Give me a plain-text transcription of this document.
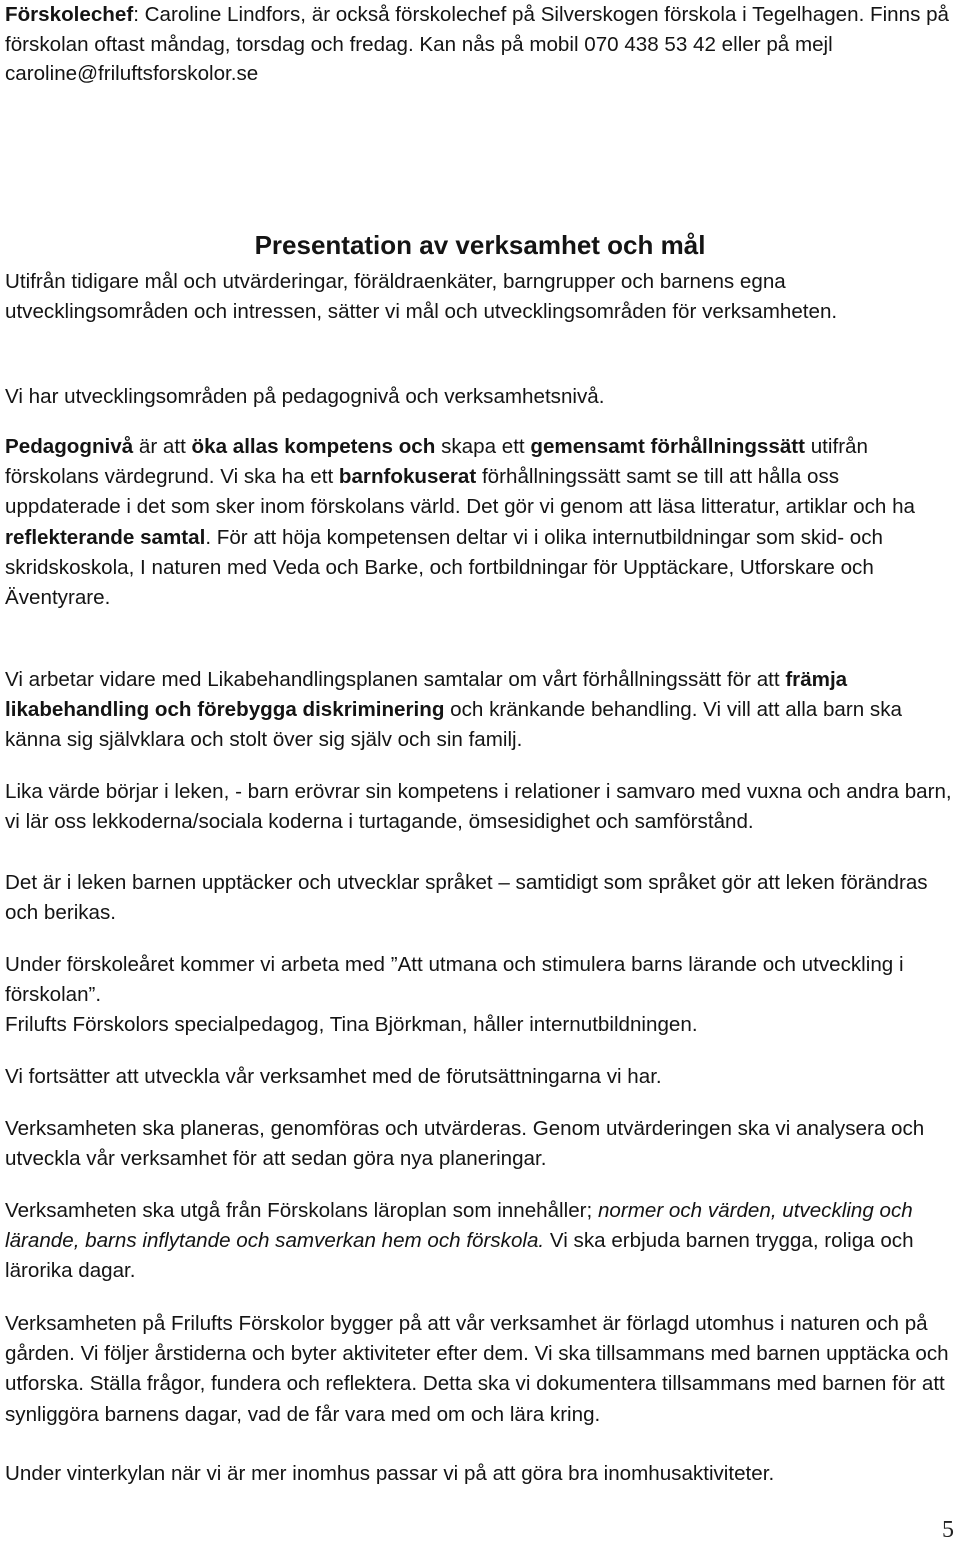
Förskolechef: Caroline Lindfors, är också förskolechef på Silverskogen förskola i Tegelhagen. Finns på förskolan oftast måndag, torsdag och fredag. Kan nås på mobil 070 438 53 42 eller på mejl caroline@friluftsforskolor.se

Presentation av verksamhet och mål

Utifrån tidigare mål och utvärderingar, föräldraenkäter, barngrupper och barnens egna utvecklingsområden och intressen, sätter vi mål och utvecklingsområden för verksamheten.

Vi har utvecklingsområden på pedagognivå och verksamhetsnivå.

Pedagognivå är att öka allas kompetens och skapa ett gemensamt förhållningssätt utifrån förskolans värdegrund. Vi ska ha ett barnfokuserat förhållningssätt samt se till att hålla oss uppdaterade i det som sker inom förskolans värld. Det gör vi genom att läsa litteratur, artiklar och ha reflekterande samtal. För att höja kompetensen deltar vi i olika internutbildningar som skid- och skridskoskola, I naturen med Veda och Barke, och fortbildningar för Upptäckare, Utforskare och Äventyrare.

Vi arbetar vidare med Likabehandlingsplanen samtalar om vårt förhållningssätt för att främja likabehandling och förebygga diskriminering och kränkande behandling. Vi vill att alla barn ska känna sig självklara och stolt över sig själv och sin familj.

Lika värde börjar i leken, - barn erövrar sin kompetens i relationer i samvaro med vuxna och andra barn, vi lär oss lekkoderna/sociala koderna i turtagande, ömsesidighet och samförstånd.

Det är i leken barnen upptäcker och utvecklar språket – samtidigt som språket gör att leken förändras och berikas.

Under förskoleåret kommer vi arbeta med ”Att utmana och stimulera barns lärande och utveckling i förskolan”.

Frilufts Förskolors specialpedagog, Tina Björkman, håller internutbildningen.

Vi fortsätter att utveckla vår verksamhet med de förutsättningarna vi har.

Verksamheten ska planeras, genomföras och utvärderas. Genom utvärderingen ska vi analysera och utveckla vår verksamhet för att sedan göra nya planeringar.

Verksamheten ska utgå från Förskolans läroplan som innehåller; normer och värden, utveckling och lärande, barns inflytande och samverkan hem och förskola. Vi ska erbjuda barnen trygga, roliga och lärorika dagar.

Verksamheten på Frilufts Förskolor bygger på att vår verksamhet är förlagd utomhus i naturen och på gården. Vi följer årstiderna och byter aktiviteter efter dem. Vi ska tillsammans med barnen upptäcka och utforska. Ställa frågor, fundera och reflektera. Detta ska vi dokumentera tillsammans med barnen för att synliggöra barnens dagar, vad de får vara med om och lära kring.

Under vinterkylan när vi är mer inomhus passar vi på att göra bra inomhusaktiviteter.

5
